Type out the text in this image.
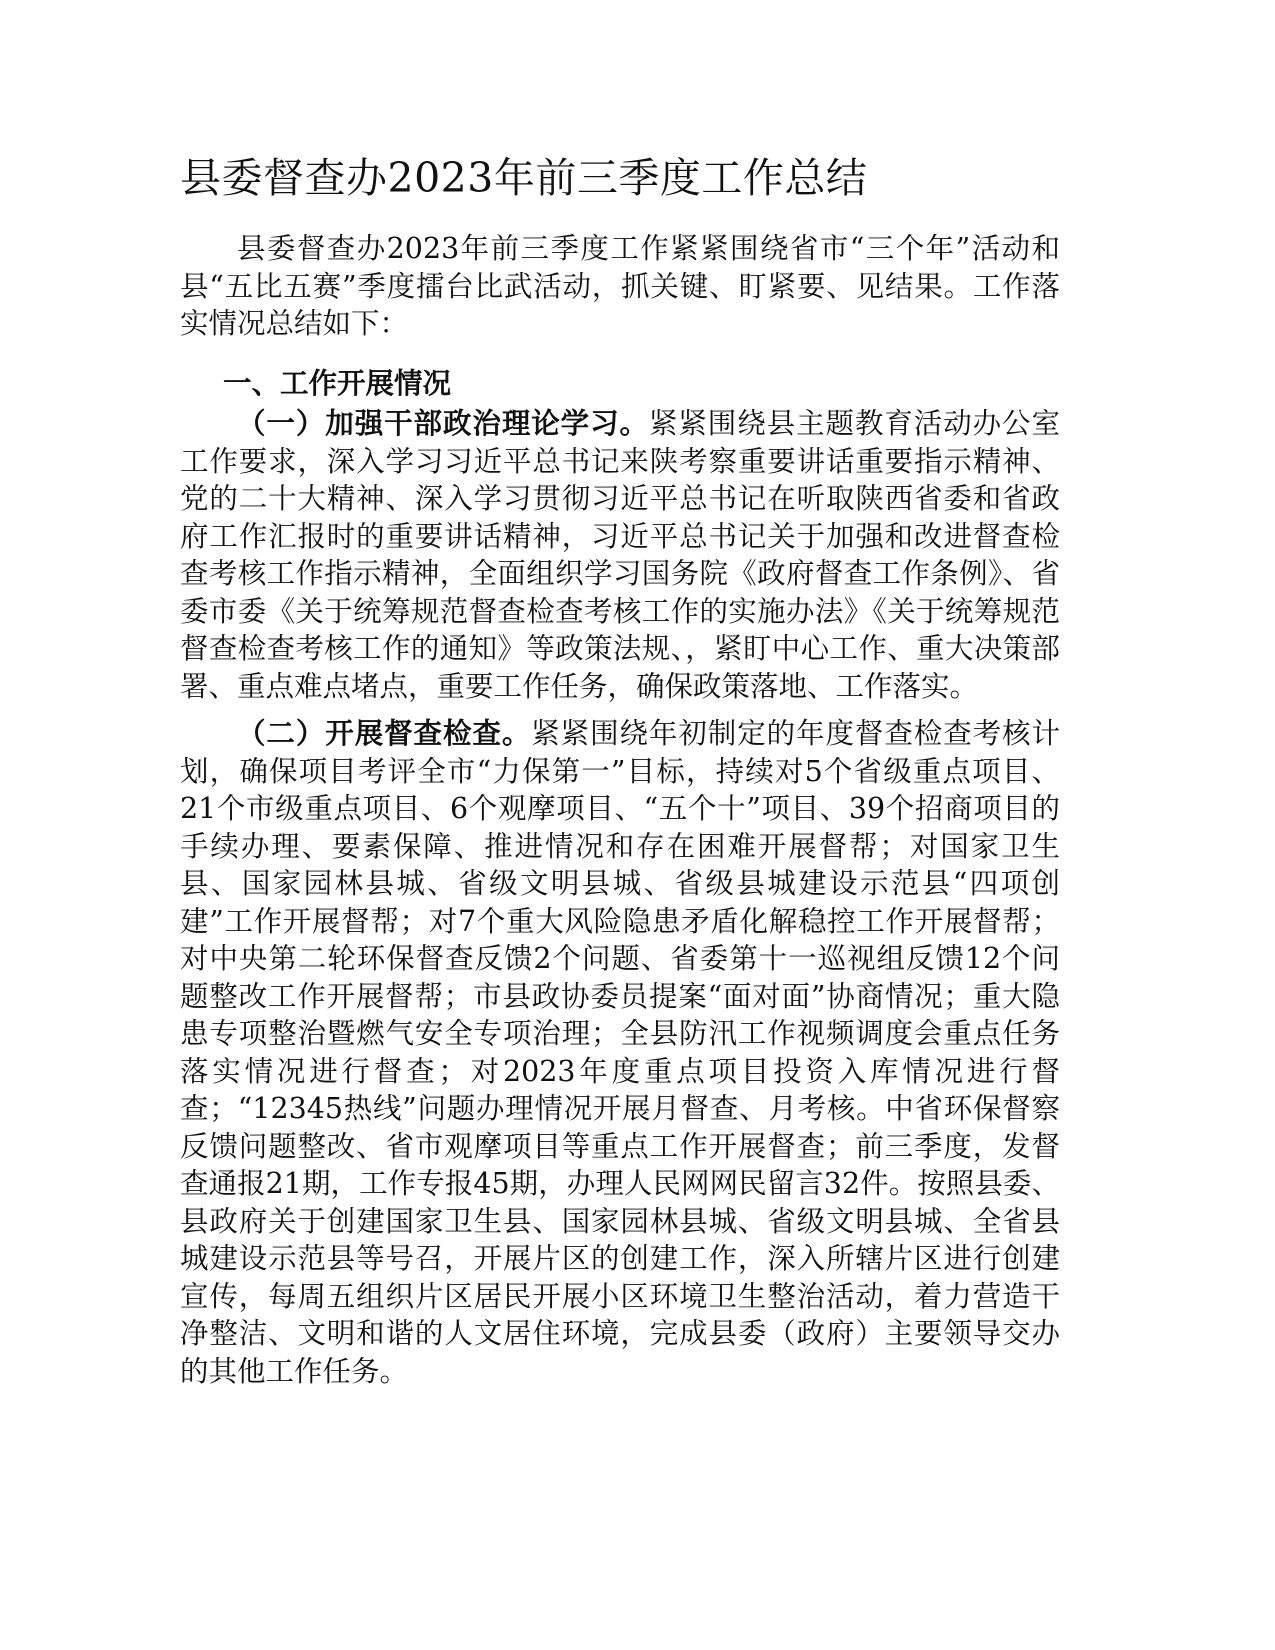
县委督查办2023年前三季度工作总结

县委督查办2023年前三季度工作紧紧围绕省市“三个年”活动和县“五比五赛”季度擂台比武活动，抓关键、盯紧要、见结果。工作落实情况总结如下：

一、工作开展情况

（一）加强干部政治理论学习。紧紧围绕县主题教育活动办公室工作要求，深入学习习近平总书记来陕考察重要讲话重要指示精神、党的二十大精神、深入学习贯彻习近平总书记在听取陕西省委和省政府工作汇报时的重要讲话精神，习近平总书记关于加强和改进督查检查考核工作指示精神，全面组织学习国务院《政府督查工作条例》、省委市委《关于统筹规范督查检查考核工作的实施办法》《关于统筹规范督查检查考核工作的通知》等政策法规、，紧盯中心工作、重大决策部署、重点难点堵点，重要工作任务，确保政策落地、工作落实。

（二）开展督查检查。紧紧围绕年初制定的年度督查检查考核计划，确保项目考评全市“力保第一”目标，持续对5个省级重点项目、21个市级重点项目、6个观摩项目、“五个十”项目、39个招商项目的手续办理、要素保障、推进情况和存在困难开展督帮；对国家卫生县、国家园林县城、省级文明县城、省级县城建设示范县“四项创建”工作开展督帮；对7个重大风险隐患矛盾化解稳控工作开展督帮；对中央第二轮环保督查反馈2个问题、省委第十一巡视组反馈12个问题整改工作开展督帮；市县政协委员提案“面对面”协商情况；重大隐患专项整治暨燃气安全专项治理；全县防汛工作视频调度会重点任务落实情况进行督查；对2023年度重点项目投资入库情况进行督查；“12345热线”问题办理情况开展月督查、月考核。中省环保督察反馈问题整改、省市观摩项目等重点工作开展督查；前三季度，发督查通报21期，工作专报45期，办理人民网网民留言32件。按照县委、县政府关于创建国家卫生县、国家园林县城、省级文明县城、全省县城建设示范县等号召，开展片区的创建工作，深入所辖片区进行创建宣传，每周五组织片区居民开展小区环境卫生整治活动，着力营造干净整洁、文明和谐的人文居住环境，完成县委（政府）主要领导交办的其他工作任务。
